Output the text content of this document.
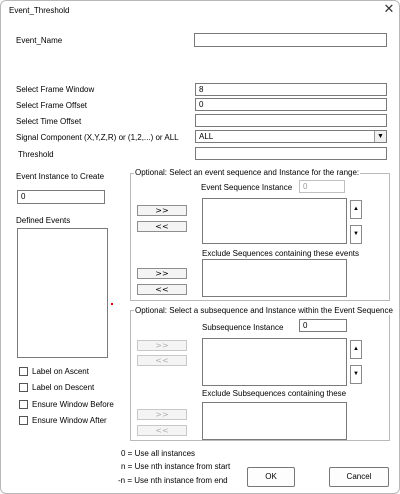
Event_Threshold	✕
Event_Name
Select Frame Window	8
Select Frame Offset	0
Select Time Offset
Signal Component (X,Y,Z,R) or (1,2,...) or ALL	ALL	▼
Threshold
Event Instance to Create
0
Defined Events
Label on Ascent
Label on Descent
Ensure Window Before
Ensure Window After
Optional: Select an event sequence and Instance for the range:
Event Sequence Instance	0
>>
<<
▲
▼
Exclude Sequences containing these events
>>
<<
Optional: Select a subsequence and Instance within the Event Sequence
Subsequence Instance	0
>>
<<
▲
▼
Exclude Subsequences containing these
>>
<<
0 = Use all instances
n = Use nth instance from start
-n = Use nth instance from end	OK	Cancel
